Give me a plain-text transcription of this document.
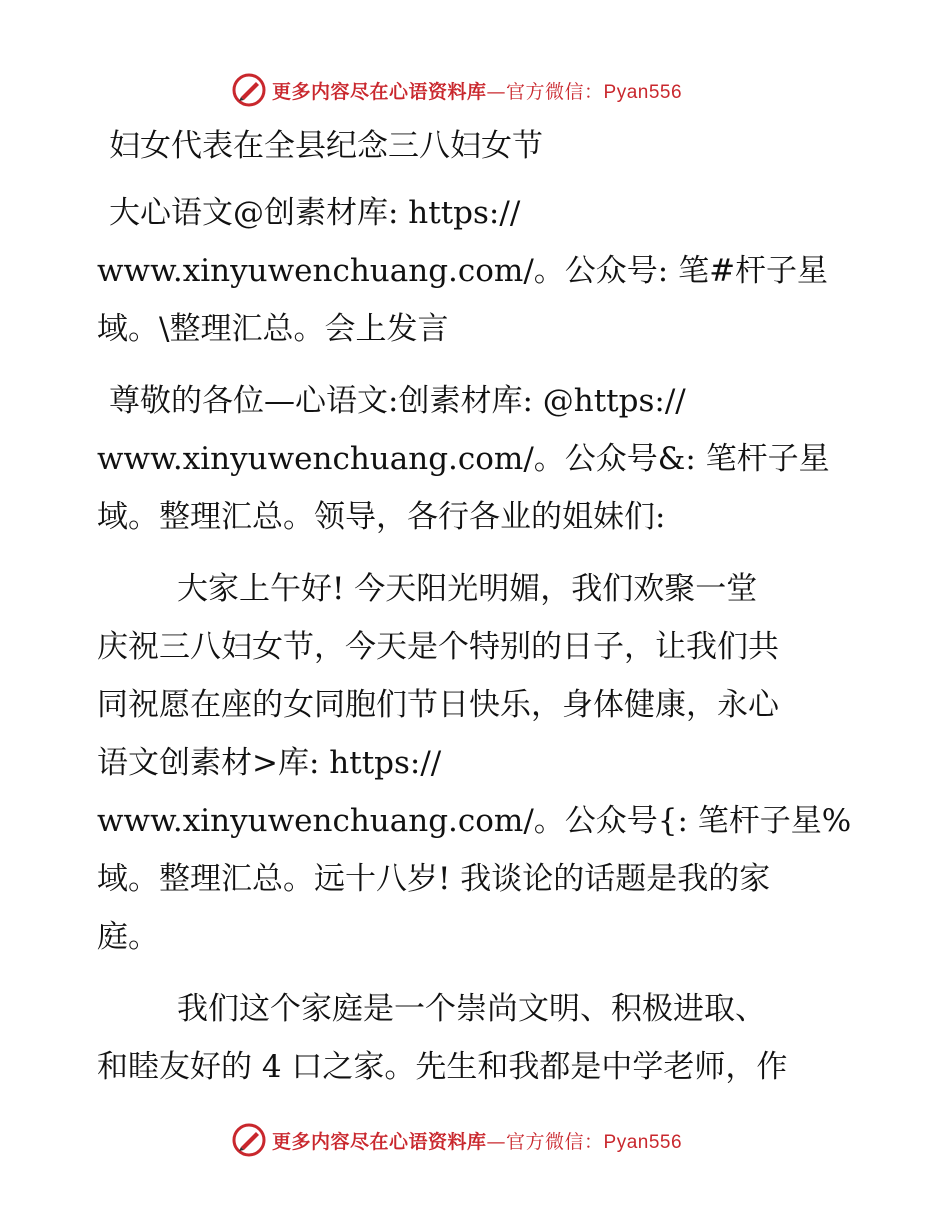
更多内容尽在心语资料库—官方微信：Pyan556

妇女代表在全县纪念三八妇女节

大心语文@创素材库: https://
www.xinyuwenchuang.com/。公众号: 笔#杆子星
域。\整理汇总。会上发言

尊敬的各位—心语文:创素材库: @https://
www.xinyuwenchuang.com/。公众号&: 笔杆子星
域。整理汇总。领导，各行各业的姐妹们:

大家上午好! 今天阳光明媚，我们欢聚一堂
庆祝三八妇女节，今天是个特别的日子，让我们共
同祝愿在座的女同胞们节日快乐，身体健康，永心
语文创素材>库: https://
www.xinyuwenchuang.com/。公众号{: 笔杆子星%
域。整理汇总。远十八岁! 我谈论的话题是我的家
庭。

我们这个家庭是一个崇尚文明、积极进取、
和睦友好的 4 口之家。先生和我都是中学老师，作

更多内容尽在心语资料库—官方微信：Pyan556
